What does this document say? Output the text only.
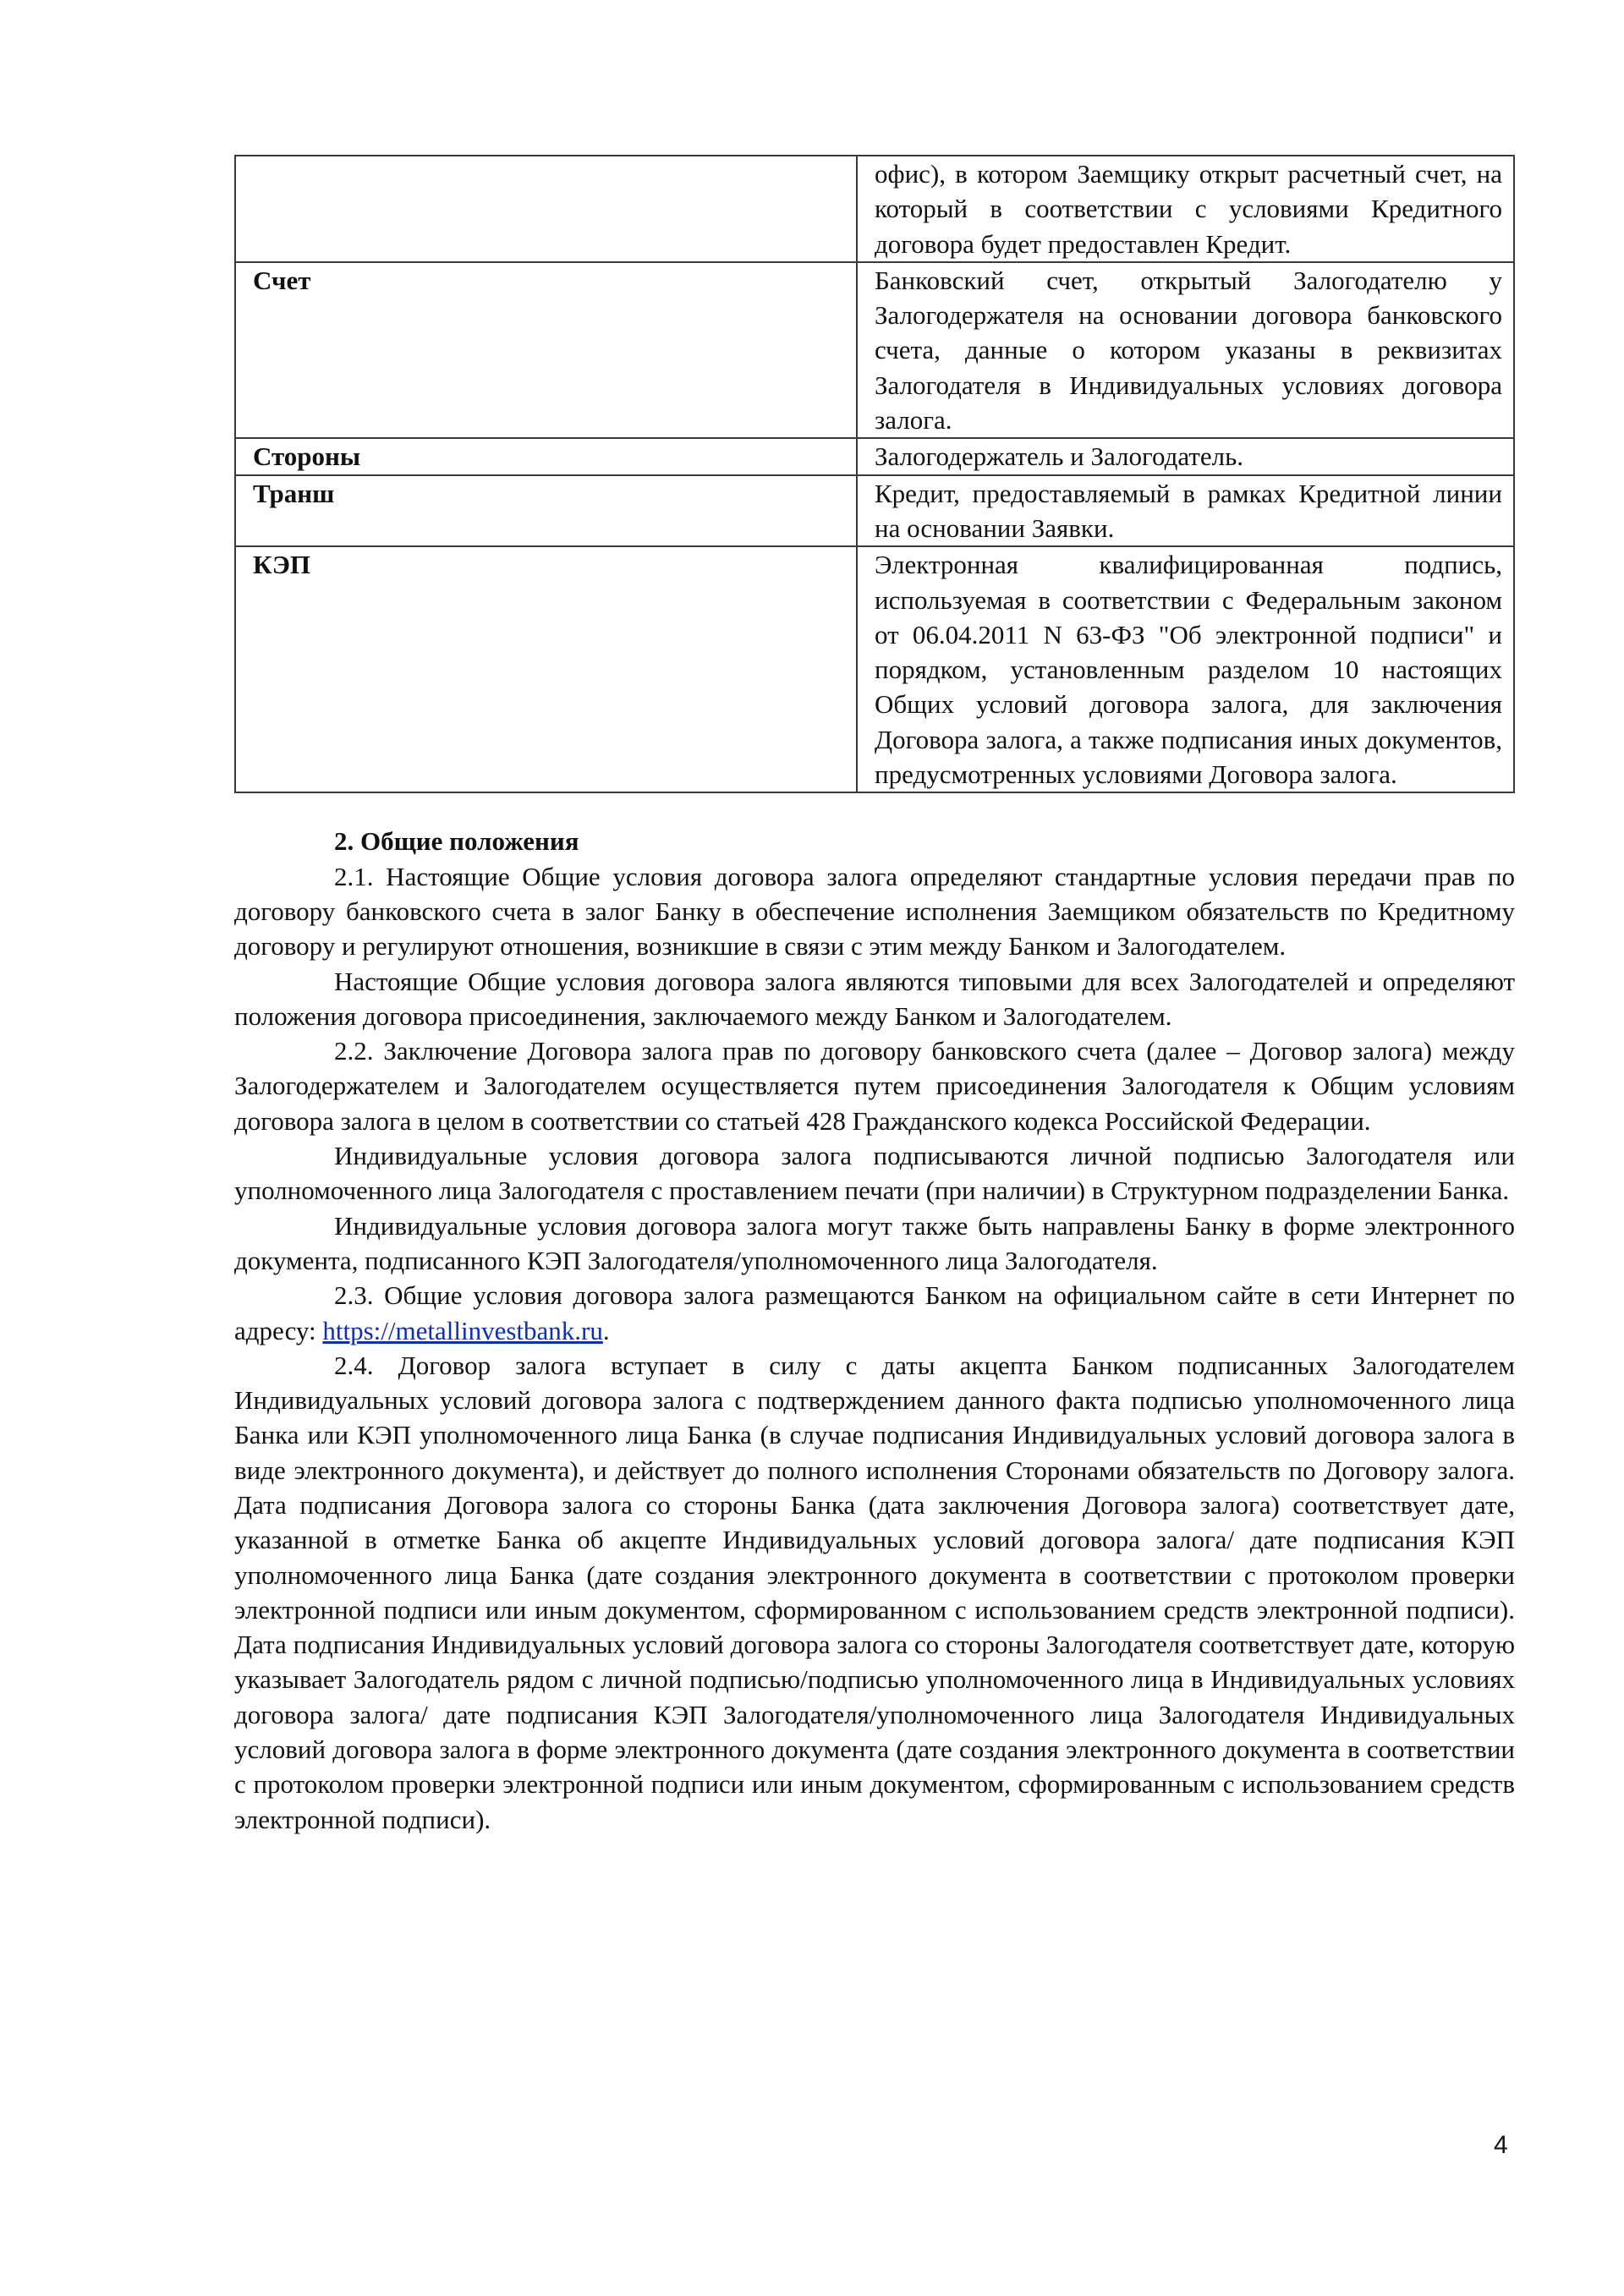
	офис), в котором Заемщику открыт расчетный счет, на который в соответствии с условиями Кредитного договора будет предоставлен Кредит.
Счет	Банковский счет, открытый Залогодателю у Залогодержателя на основании договора банковского счета, данные о котором указаны в реквизитах Залогодателя в Индивидуальных условиях договора залога.
Стороны	Залогодержатель и Залогодатель.
Транш	Кредит, предоставляемый в рамках Кредитной линии на основании Заявки.
КЭП	Электронная квалифицированная подпись, используемая в соответствии с Федеральным законом от 06.04.2011 N 63-ФЗ "Об электронной подписи" и порядком, установленным разделом 10 настоящих Общих условий договора залога, для заключения Договора залога, а также подписания иных документов, предусмотренных условиями Договора залога.
2. Общие положения

2.1. Настоящие Общие условия договора залога определяют стандартные условия передачи прав по договору банковского счета в залог Банку в обеспечение исполнения Заемщиком обязательств по Кредитному договору и регулируют отношения, возникшие в связи с этим между Банком и Залогодателем.

Настоящие Общие условия договора залога являются типовыми для всех Залогодателей и определяют положения договора присоединения, заключаемого между Банком и Залогодателем.

2.2. Заключение Договора залога прав по договору банковского счета (далее – Договор залога) между Залогодержателем и Залогодателем осуществляется путем присоединения Залогодателя к Общим условиям договора залога в целом в соответствии со статьей 428 Гражданского кодекса Российской Федерации.

Индивидуальные условия договора залога подписываются личной подписью Залогодателя или уполномоченного лица Залогодателя с проставлением печати (при наличии) в Структурном подразделении Банка.

Индивидуальные условия договора залога могут также быть направлены Банку в форме электронного документа, подписанного КЭП Залогодателя/уполномоченного лица Залогодателя.

2.3. Общие условия договора залога размещаются Банком на официальном сайте в сети Интернет по адресу: https://metallinvestbank.ru.

2.4. Договор залога вступает в силу с даты акцепта Банком подписанных Залогодателем Индивидуальных условий договора залога с подтверждением данного факта подписью уполномоченного лица Банка или КЭП уполномоченного лица Банка (в случае подписания Индивидуальных условий договора залога в виде электронного документа), и действует до полного исполнения Сторонами обязательств по Договору залога. Дата подписания Договора залога со стороны Банка (дата заключения Договора залога) соответствует дате, указанной в отметке Банка об акцепте Индивидуальных условий договора залога/ дате подписания КЭП уполномоченного лица Банка (дате создания электронного документа в соответствии с протоколом проверки электронной подписи или иным документом, сформированном с использованием средств электронной подписи). Дата подписания Индивидуальных условий договора залога со стороны Залогодателя соответствует дате, которую указывает Залогодатель рядом с личной подписью/подписью уполномоченного лица в Индивидуальных условиях договора залога/ дате подписания КЭП Залогодателя/уполномоченного лица Залогодателя Индивидуальных условий договора залога в форме электронного документа (дате создания электронного документа в соответствии с протоколом проверки электронной подписи или иным документом, сформированным с использованием средств электронной подписи).

4
